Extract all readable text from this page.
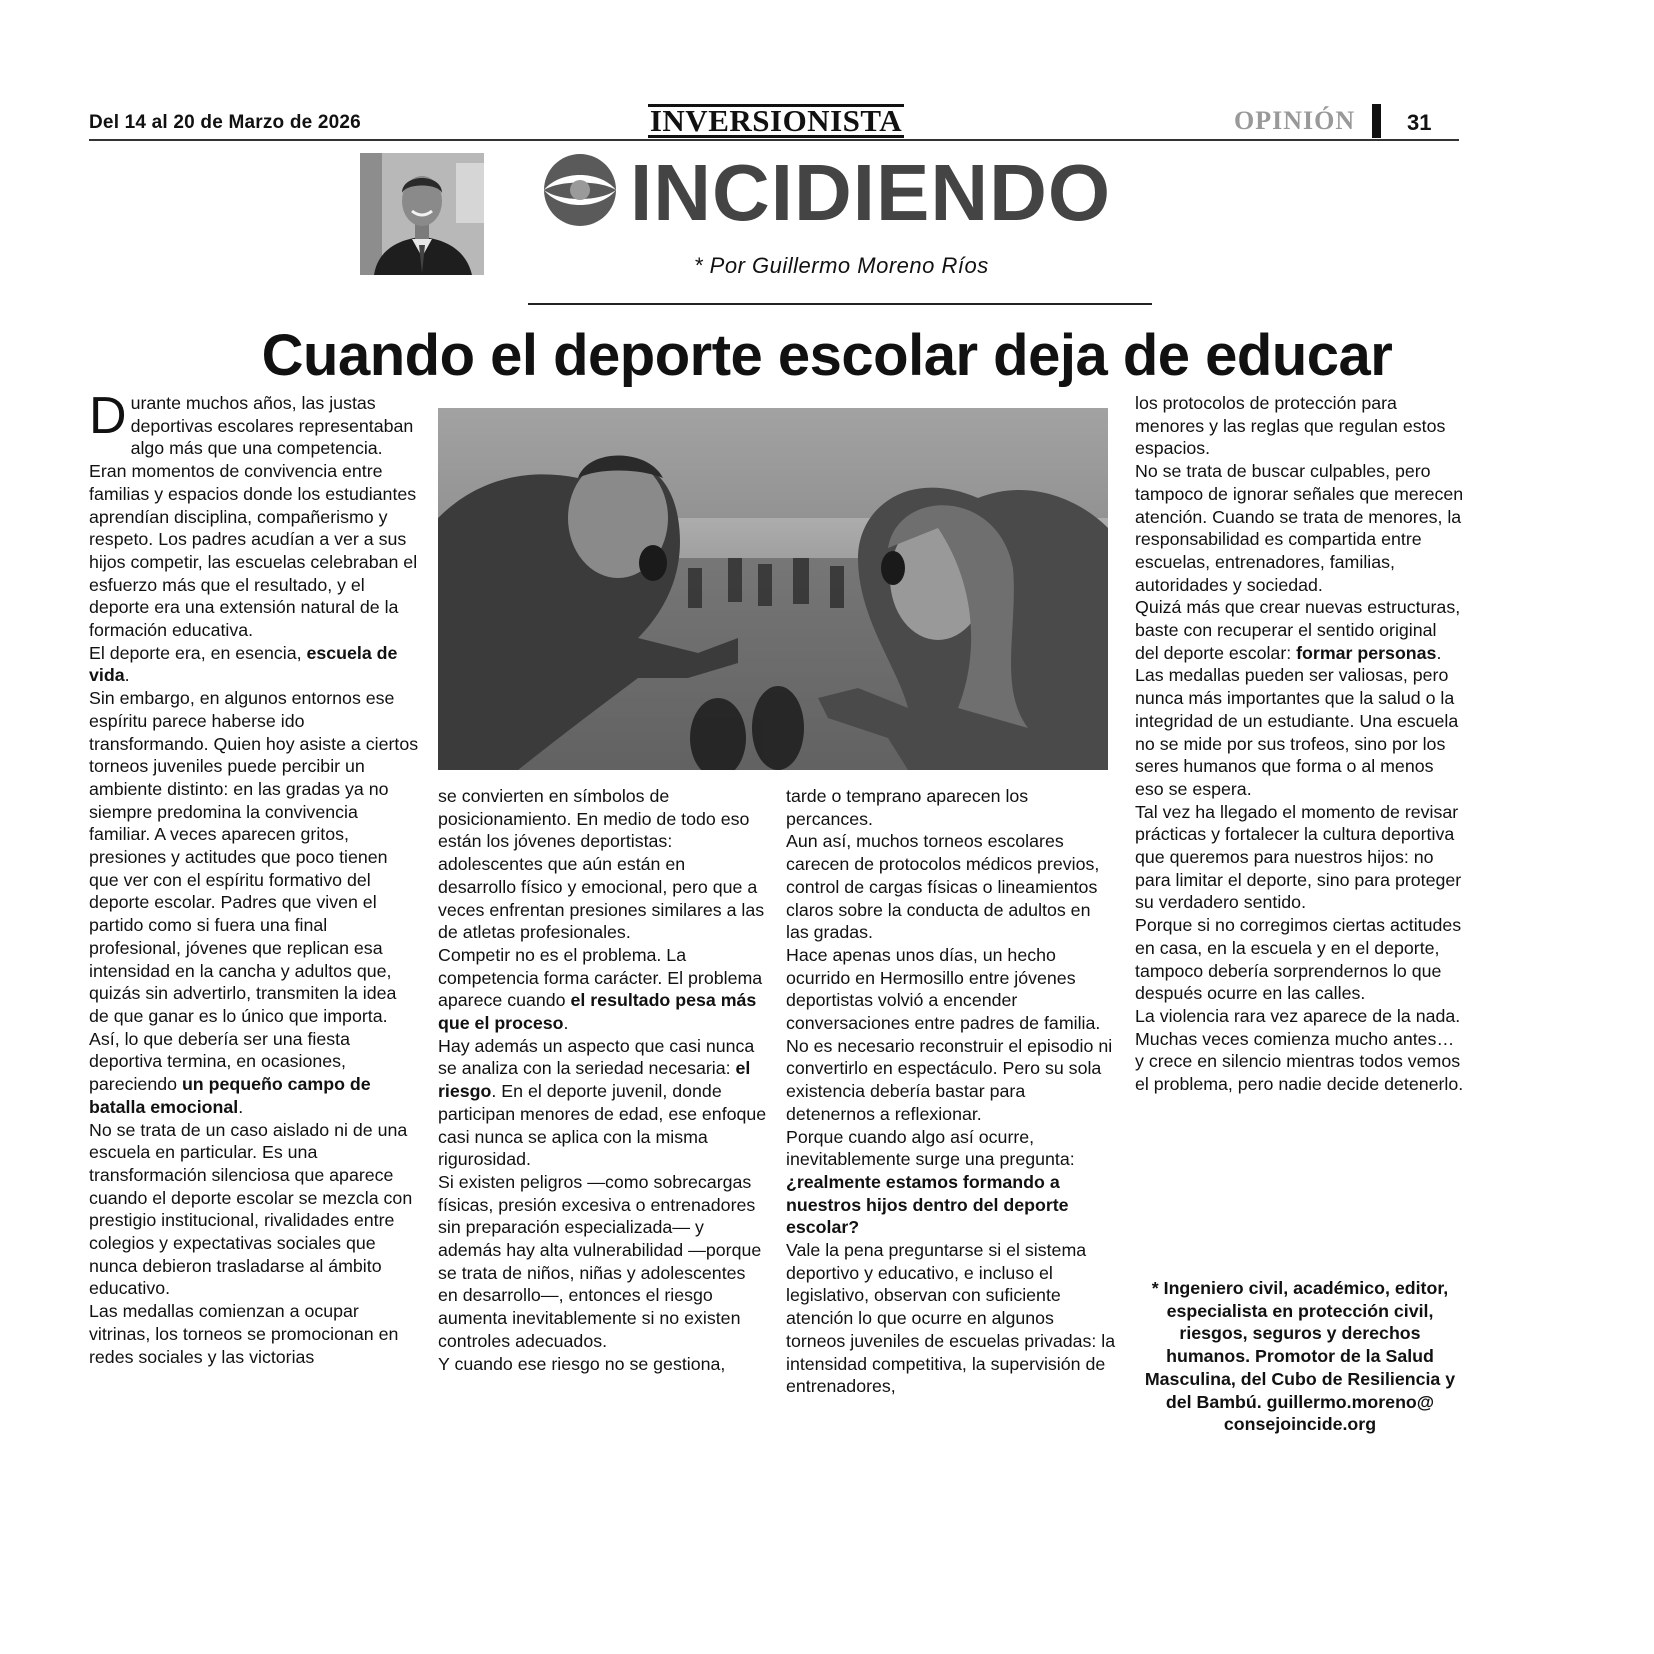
Del 14 al 20 de Marzo de 2026	INVERSIONISTA	OPINIÓN 31
INCIDIENDO
* Por Guillermo Moreno Ríos
Cuando el deporte escolar deja de educar

Durante muchos años, las justas deportivas escolares representaban algo más que una competencia. Eran momentos de convivencia entre familias y espacios donde los estudiantes aprendían disciplina, compañerismo y respeto. Los padres acudían a ver a sus hijos competir, las escuelas celebraban el esfuerzo más que el resultado, y el deporte era una extensión natural de la formación educativa.

El deporte era, en esencia, escuela de vida.

Sin embargo, en algunos entornos ese espíritu parece haberse ido transformando. Quien hoy asiste a ciertos torneos juveniles puede percibir un ambiente distinto: en las gradas ya no siempre predomina la convivencia familiar. A veces aparecen gritos, presiones y actitudes que poco tienen que ver con el espíritu formativo del deporte escolar. Padres que viven el partido como si fuera una final profesional, jóvenes que replican esa intensidad en la cancha y adultos que, quizás sin advertirlo, transmiten la idea de que ganar es lo único que importa.

Así, lo que debería ser una fiesta deportiva termina, en ocasiones, pareciendo un pequeño campo de batalla emocional.

No se trata de un caso aislado ni de una escuela en particular. Es una transformación silenciosa que aparece cuando el deporte escolar se mezcla con prestigio institucional, rivalidades entre colegios y expectativas sociales que nunca debieron trasladarse al ámbito educativo.

Las medallas comienzan a ocupar vitrinas, los torneos se promocionan en redes sociales y las victorias

se convierten en símbolos de posicionamiento. En medio de todo eso están los jóvenes deportistas: adolescentes que aún están en desarrollo físico y emocional, pero que a veces enfrentan presiones similares a las de atletas profesionales.

Competir no es el problema. La competencia forma carácter. El problema aparece cuando el resultado pesa más que el proceso.

Hay además un aspecto que casi nunca se analiza con la seriedad necesaria: el riesgo. En el deporte juvenil, donde participan menores de edad, ese enfoque casi nunca se aplica con la misma rigurosidad.

Si existen peligros —como sobrecargas físicas, presión excesiva o entrenadores sin preparación especializada— y además hay alta vulnerabilidad —porque se trata de niños, niñas y adolescentes en desarrollo—, entonces el riesgo aumenta inevitablemente si no existen controles adecuados.

Y cuando ese riesgo no se gestiona,

tarde o temprano aparecen los percances.

Aun así, muchos torneos escolares carecen de protocolos médicos previos, control de cargas físicas o lineamientos claros sobre la conducta de adultos en las gradas.

Hace apenas unos días, un hecho ocurrido en Hermosillo entre jóvenes deportistas volvió a encender conversaciones entre padres de familia. No es necesario reconstruir el episodio ni convertirlo en espectáculo. Pero su sola existencia debería bastar para detenernos a reflexionar.

Porque cuando algo así ocurre, inevitablemente surge una pregunta: ¿realmente estamos formando a nuestros hijos dentro del deporte escolar?

Vale la pena preguntarse si el sistema deportivo y educativo, e incluso el legislativo, observan con suficiente atención lo que ocurre en algunos torneos juveniles de escuelas privadas: la intensidad competitiva, la supervisión de entrenadores,

los protocolos de protección para menores y las reglas que regulan estos espacios.

No se trata de buscar culpables, pero tampoco de ignorar señales que merecen atención. Cuando se trata de menores, la responsabilidad es compartida entre escuelas, entrenadores, familias, autoridades y sociedad.

Quizá más que crear nuevas estructuras, baste con recuperar el sentido original del deporte escolar: formar personas.

Las medallas pueden ser valiosas, pero nunca más importantes que la salud o la integridad de un estudiante. Una escuela no se mide por sus trofeos, sino por los seres humanos que forma o al menos eso se espera.

Tal vez ha llegado el momento de revisar prácticas y fortalecer la cultura deportiva que queremos para nuestros hijos: no para limitar el deporte, sino para proteger su verdadero sentido.

Porque si no corregimos ciertas actitudes en casa, en la escuela y en el deporte, tampoco debería sorprendernos lo que después ocurre en las calles.

La violencia rara vez aparece de la nada.

Muchas veces comienza mucho antes… y crece en silencio mientras todos vemos el problema, pero nadie decide detenerlo.

* Ingeniero civil, académico, editor, especialista en protección civil, riesgos, seguros y derechos humanos. Promotor de la Salud Masculina, del Cubo de Resiliencia y del Bambú. guillermo.moreno@ consejoincide.org
